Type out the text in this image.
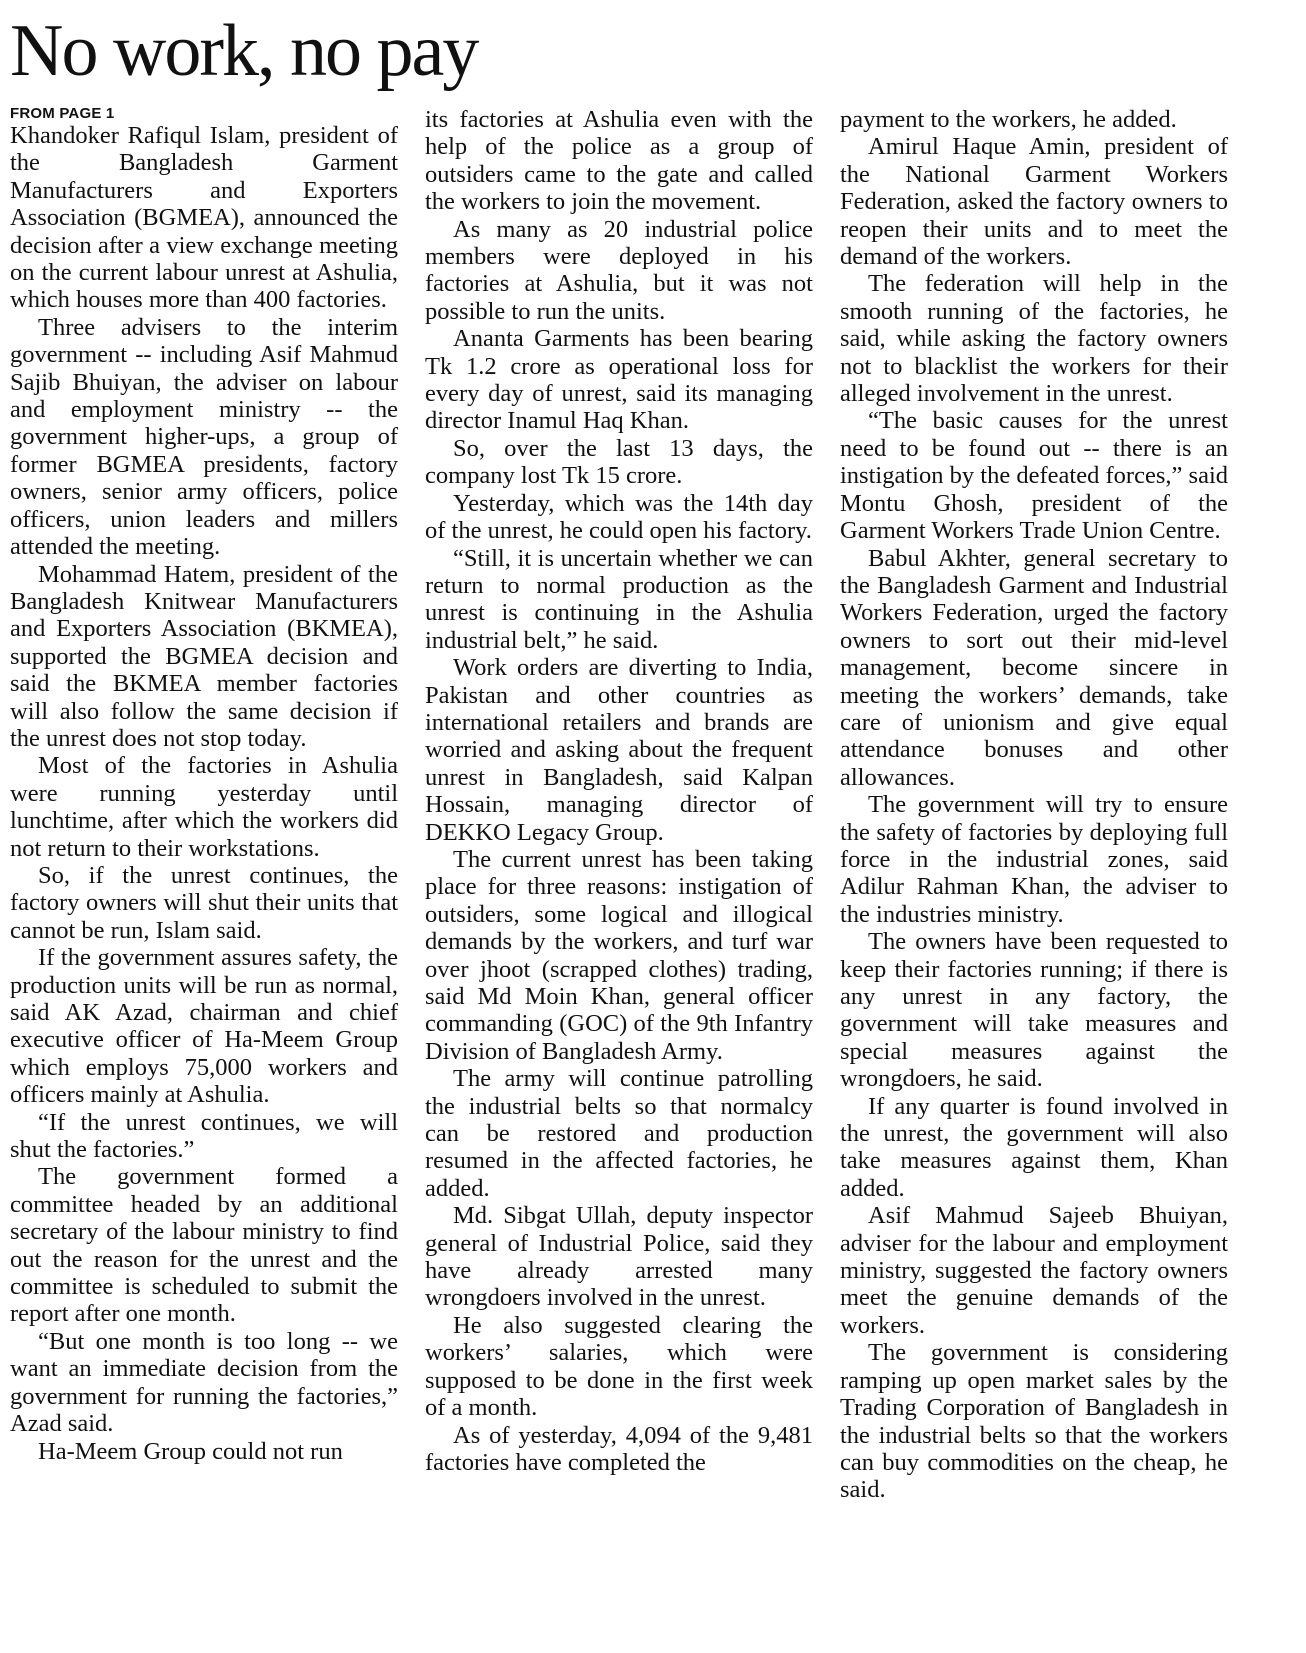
No work, no pay
FROM PAGE 1

Khandoker Rafiqul Islam, president of the Bangladesh Garment Manufacturers and Exporters Association (BGMEA), announced the decision after a view exchange meeting on the current labour unrest at Ashulia, which houses more than 400 factories.

Three advisers to the interim government -- including Asif Mahmud Sajib Bhuiyan, the adviser on labour and employment ministry -- the government higher-ups, a group of former BGMEA presidents, factory owners, senior army officers, police officers, union leaders and millers attended the meeting.

Mohammad Hatem, president of the Bangladesh Knitwear Manufacturers and Exporters Association (BKMEA), supported the BGMEA decision and said the BKMEA member factories will also follow the same decision if the unrest does not stop today.

Most of the factories in Ashulia were running yesterday until lunchtime, after which the workers did not return to their workstations.

So, if the unrest continues, the factory owners will shut their units that cannot be run, Islam said.

If the government assures safety, the production units will be run as normal, said AK Azad, chairman and chief executive officer of Ha-Meem Group which employs 75,000 workers and officers mainly at Ashulia.

“If the unrest continues, we will shut the factories.”

The government formed a committee headed by an additional secretary of the labour ministry to find out the reason for the unrest and the committee is scheduled to submit the report after one month.

“But one month is too long -- we want an immediate decision from the government for running the factories,” Azad said.

Ha-Meem Group could not run

its factories at Ashulia even with the help of the police as a group of outsiders came to the gate and called the workers to join the movement.

As many as 20 industrial police members were deployed in his factories at Ashulia, but it was not possible to run the units.

Ananta Garments has been bearing Tk 1.2 crore as operational loss for every day of unrest, said its managing director Inamul Haq Khan.

So, over the last 13 days, the company lost Tk 15 crore.

Yesterday, which was the 14th day of the unrest, he could open his factory.

“Still, it is uncertain whether we can return to normal production as the unrest is continuing in the Ashulia industrial belt,” he said.

Work orders are diverting to India, Pakistan and other countries as international retailers and brands are worried and asking about the frequent unrest in Bangladesh, said Kalpan Hossain, managing director of DEKKO Legacy Group.

The current unrest has been taking place for three reasons: instigation of outsiders, some logical and illogical demands by the workers, and turf war over jhoot (scrapped clothes) trading, said Md Moin Khan, general officer commanding (GOC) of the 9th Infantry Division of Bangladesh Army.

The army will continue patrolling the industrial belts so that normalcy can be restored and production resumed in the affected factories, he added.

Md. Sibgat Ullah, deputy inspector general of Industrial Police, said they have already arrested many wrongdoers involved in the unrest.

He also suggested clearing the workers’ salaries, which were supposed to be done in the first week of a month.

As of yesterday, 4,094 of the 9,481 factories have completed the

payment to the workers, he added.

Amirul Haque Amin, president of the National Garment Workers Federation, asked the factory owners to reopen their units and to meet the demand of the workers.

The federation will help in the smooth running of the factories, he said, while asking the factory owners not to blacklist the workers for their alleged involvement in the unrest.

“The basic causes for the unrest need to be found out -- there is an instigation by the defeated forces,” said Montu Ghosh, president of the Garment Workers Trade Union Centre.

Babul Akhter, general secretary to the Bangladesh Garment and Industrial Workers Federation, urged the factory owners to sort out their mid-level management, become sincere in meeting the workers’ demands, take care of unionism and give equal attendance bonuses and other allowances.

The government will try to ensure the safety of factories by deploying full force in the industrial zones, said Adilur Rahman Khan, the adviser to the industries ministry.

The owners have been requested to keep their factories running; if there is any unrest in any factory, the government will take measures and special measures against the wrongdoers, he said.

If any quarter is found involved in the unrest, the government will also take measures against them, Khan added.

Asif Mahmud Sajeeb Bhuiyan, adviser for the labour and employment ministry, suggested the factory owners meet the genuine demands of the workers.

The government is considering ramping up open market sales by the Trading Corporation of Bangladesh in the industrial belts so that the workers can buy commodities on the cheap, he said.
